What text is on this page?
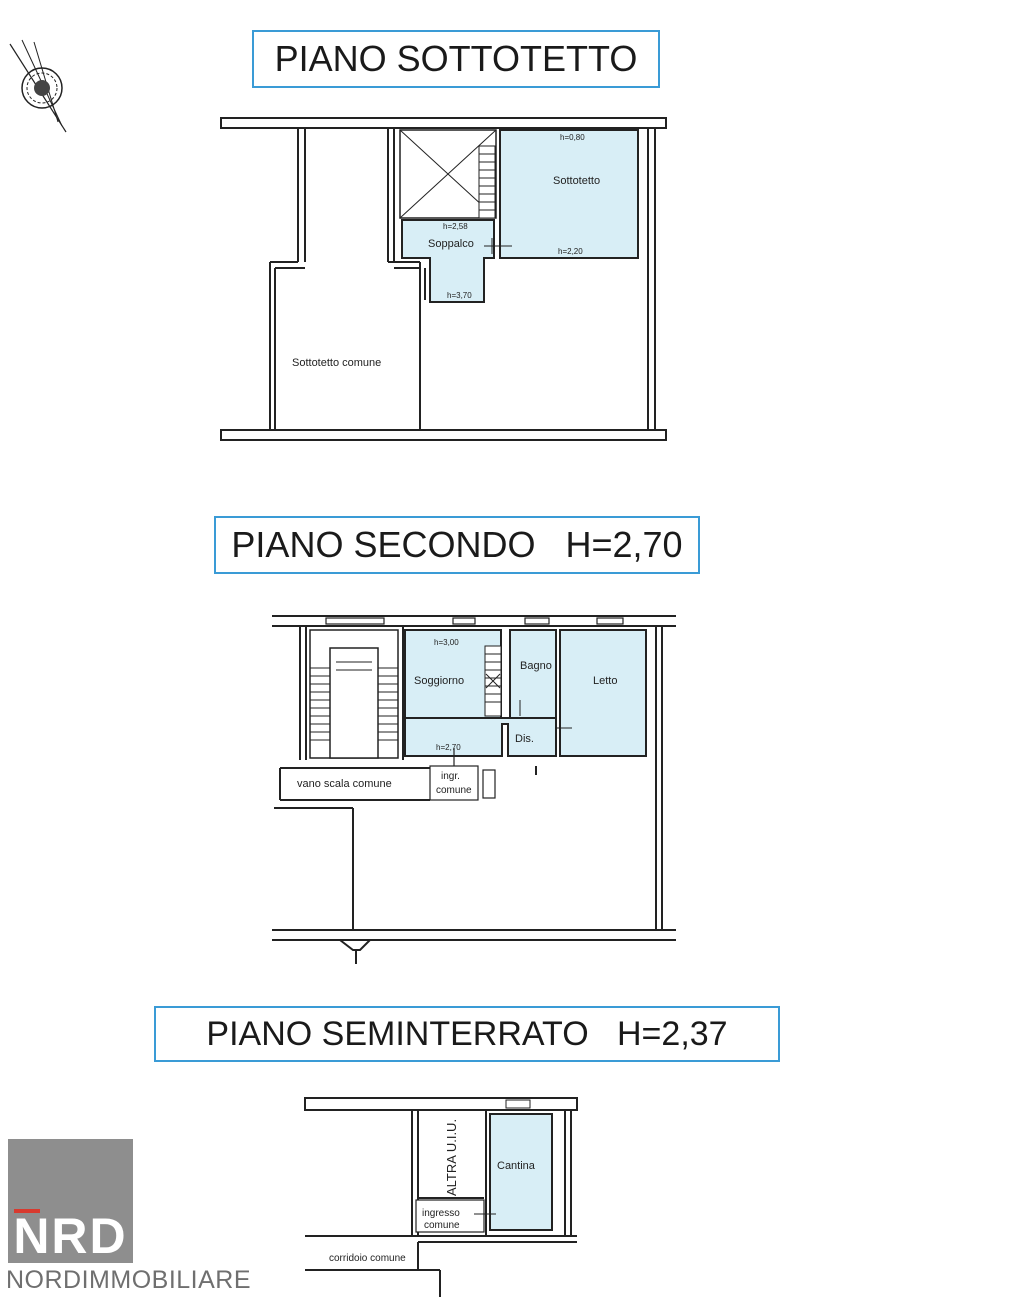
PIANO SOTTOTETTO
PIANO SECONDO   H=2,70
PIANO SEMINTERRATO   H=2,37
h=0,80
Sottotetto
h=2,20
h=2,58
Soppalco
h=3,70
Sottotetto comune
h=3,00
Soggiorno
Bagno
Letto
Dis.
h=2,70
vano scala comune
ingr.
comune
Cantina
ingresso
comune
corridoio comune
ALTRA U.I.U.
NRD
NORDIMMOBILIARE
